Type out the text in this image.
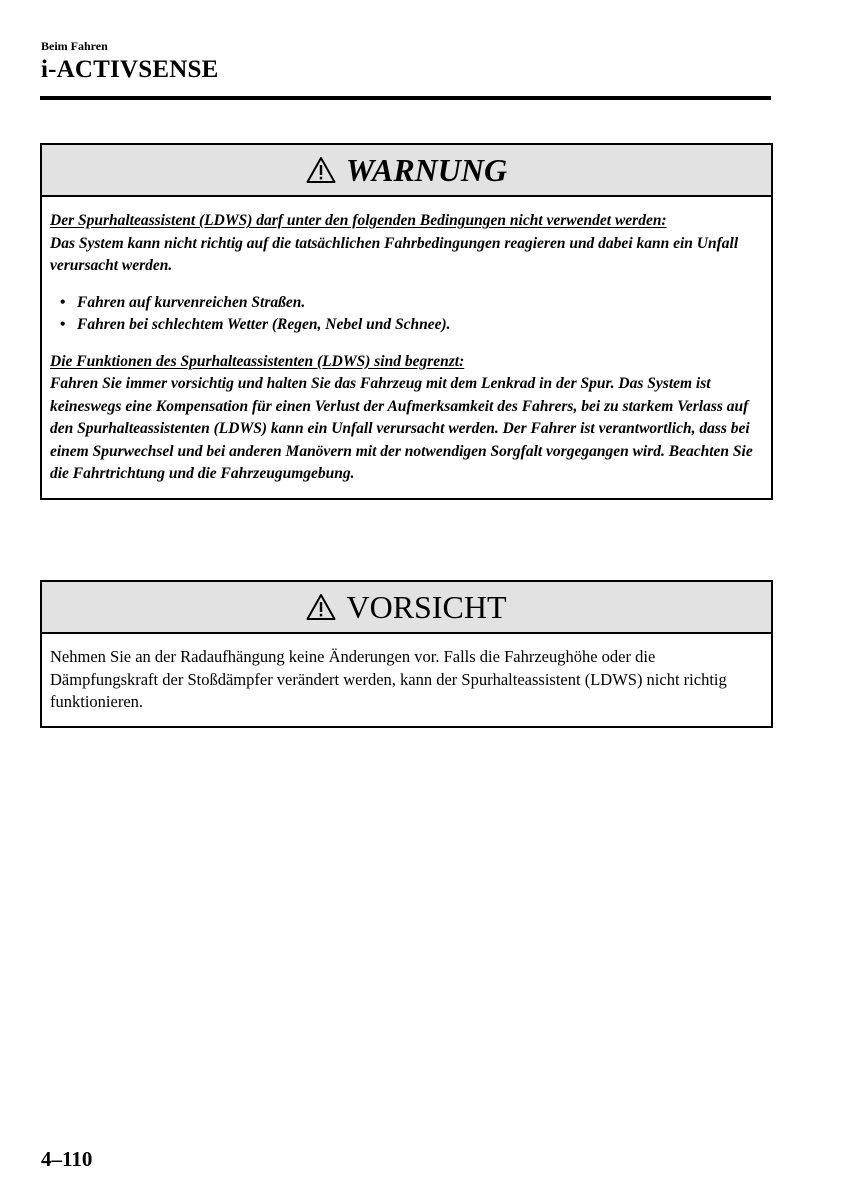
Beim Fahren
i-ACTIVSENSE
WARNUNG

Der Spurhalteassistent (LDWS) darf unter den folgenden Bedingungen nicht verwendet werden:

Das System kann nicht richtig auf die tatsächlichen Fahrbedingungen reagieren und dabei kann ein Unfall verursacht werden.

• Fahren auf kurvenreichen Straßen.
• Fahren bei schlechtem Wetter (Regen, Nebel und Schnee).

Die Funktionen des Spurhalteassistenten (LDWS) sind begrenzt:

Fahren Sie immer vorsichtig und halten Sie das Fahrzeug mit dem Lenkrad in der Spur. Das System ist keineswegs eine Kompensation für einen Verlust der Aufmerksamkeit des Fahrers, bei zu starkem Verlass auf den Spurhalteassistenten (LDWS) kann ein Unfall verursacht werden. Der Fahrer ist verantwortlich, dass bei einem Spurwechsel und bei anderen Manövern mit der notwendigen Sorgfalt vorgegangen wird. Beachten Sie die Fahrtrichtung und die Fahrzeugumgebung.

VORSICHT

Nehmen Sie an der Radaufhängung keine Änderungen vor. Falls die Fahrzeughöhe oder die Dämpfungskraft der Stoßdämpfer verändert werden, kann der Spurhalteassistent (LDWS) nicht richtig funktionieren.

4–110
